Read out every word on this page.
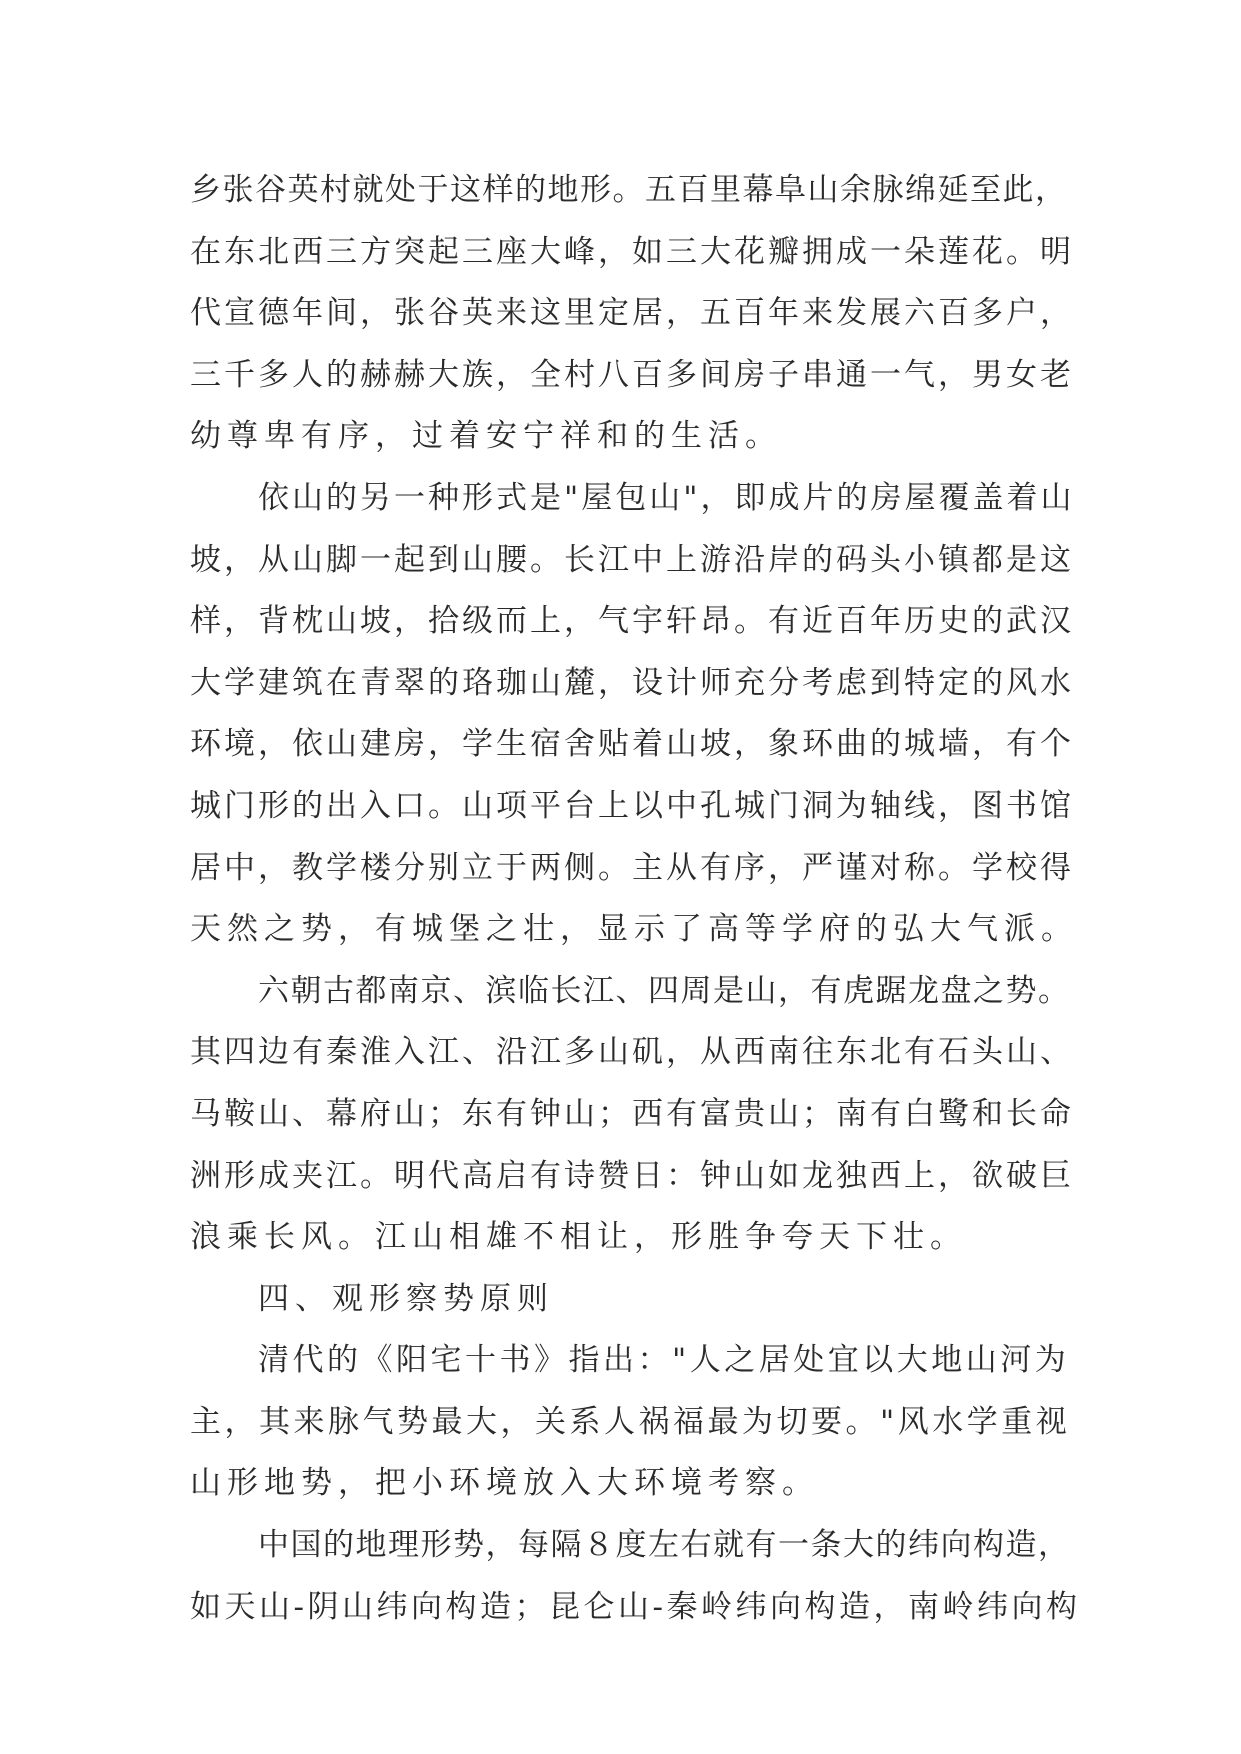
乡张谷英村就处于这样的地形。五百里幕阜山余脉绵延至此，
在东北西三方突起三座大峰，如三大花瓣拥成一朵莲花。明
代宣德年间，张谷英来这里定居，五百年来发展六百多户，
三千多人的赫赫大族，全村八百多间房子串通一气，男女老
幼尊卑有序，过着安宁祥和的生活。
依山的另一种形式是"屋包山"，即成片的房屋覆盖着山
坡，从山脚一起到山腰。长江中上游沿岸的码头小镇都是这
样，背枕山坡，拾级而上，气宇轩昂。有近百年历史的武汉
大学建筑在青翠的珞珈山麓，设计师充分考虑到特定的风水
环境，依山建房，学生宿舍贴着山坡，象环曲的城墙，有个
城门形的出入口。山项平台上以中孔城门洞为轴线，图书馆
居中，教学楼分别立于两侧。主从有序，严谨对称。学校得
天然之势，有城堡之壮，显示了高等学府的弘大气派。
六朝古都南京、滨临长江、四周是山，有虎踞龙盘之势。
其四边有秦淮入江、沿江多山矶，从西南往东北有石头山、
马鞍山、幕府山；东有钟山；西有富贵山；南有白鹭和长命
洲形成夹江。明代高启有诗赞日：钟山如龙独西上，欲破巨
浪乘长风。江山相雄不相让，形胜争夸天下壮。
四、观形察势原则
清代的《阳宅十书》指出："人之居处宜以大地山河为
主，其来脉气势最大，关系人祸福最为切要。"风水学重视
山形地势，把小环境放入大环境考察。
中国的地理形势，每隔８度左右就有一条大的纬向构造，
如天山-阴山纬向构造；昆仑山-秦岭纬向构造，南岭纬向构
